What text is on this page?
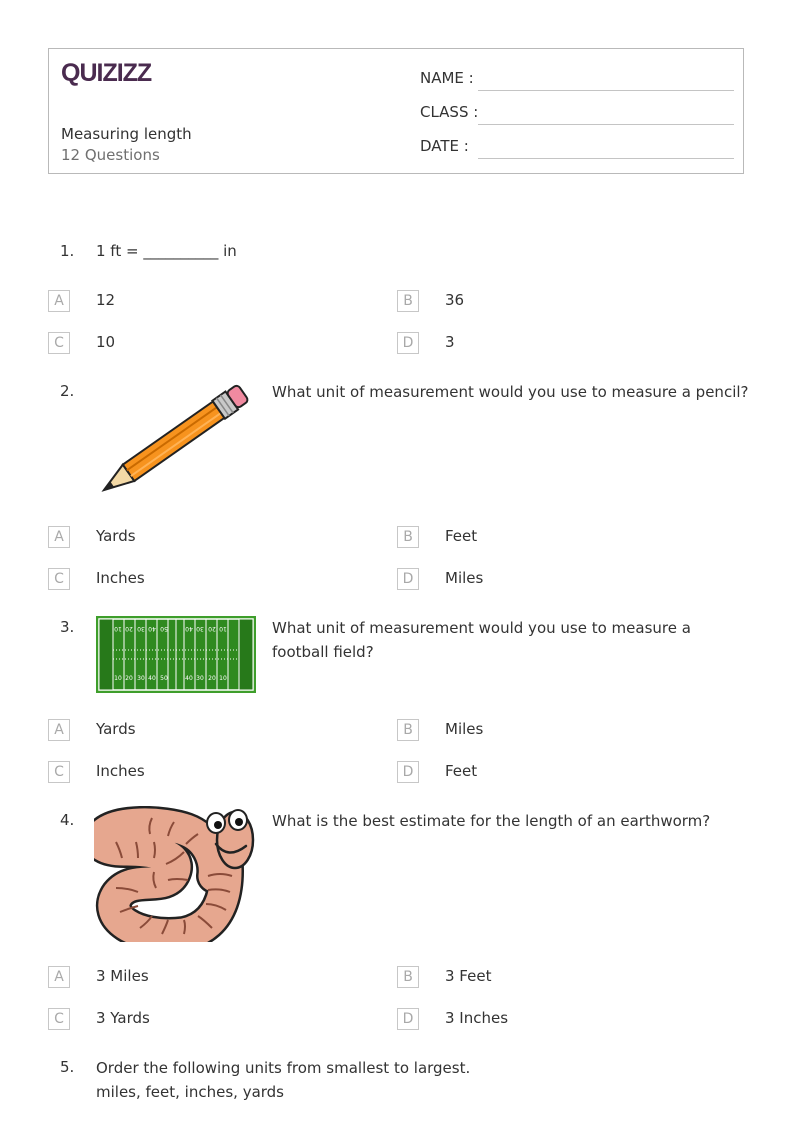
QUIZIZZ
Measuring length
12 Questions
NAME :
CLASS :
DATE :
1. 1 ft = __________ in
A	12	B	36
C	10	D	3
2.	What unit of measurement would you use to measure a pencil?
A	Yards	B	Feet
C	Inches	D	Miles
3.
10 20 30 40 50	40 30 20 10
10 20 30 40 50	40 30 20 10	What unit of measurement would you use to measure a football field?
A	Yards	B	Miles
C	Inches	D	Feet
4.	What is the best estimate for the length of an earthworm?
A	3 Miles	B	3 Feet
C	3 Yards	D	3 Inches
5. Order the following units from smallest to largest.
miles, feet, inches, yards
